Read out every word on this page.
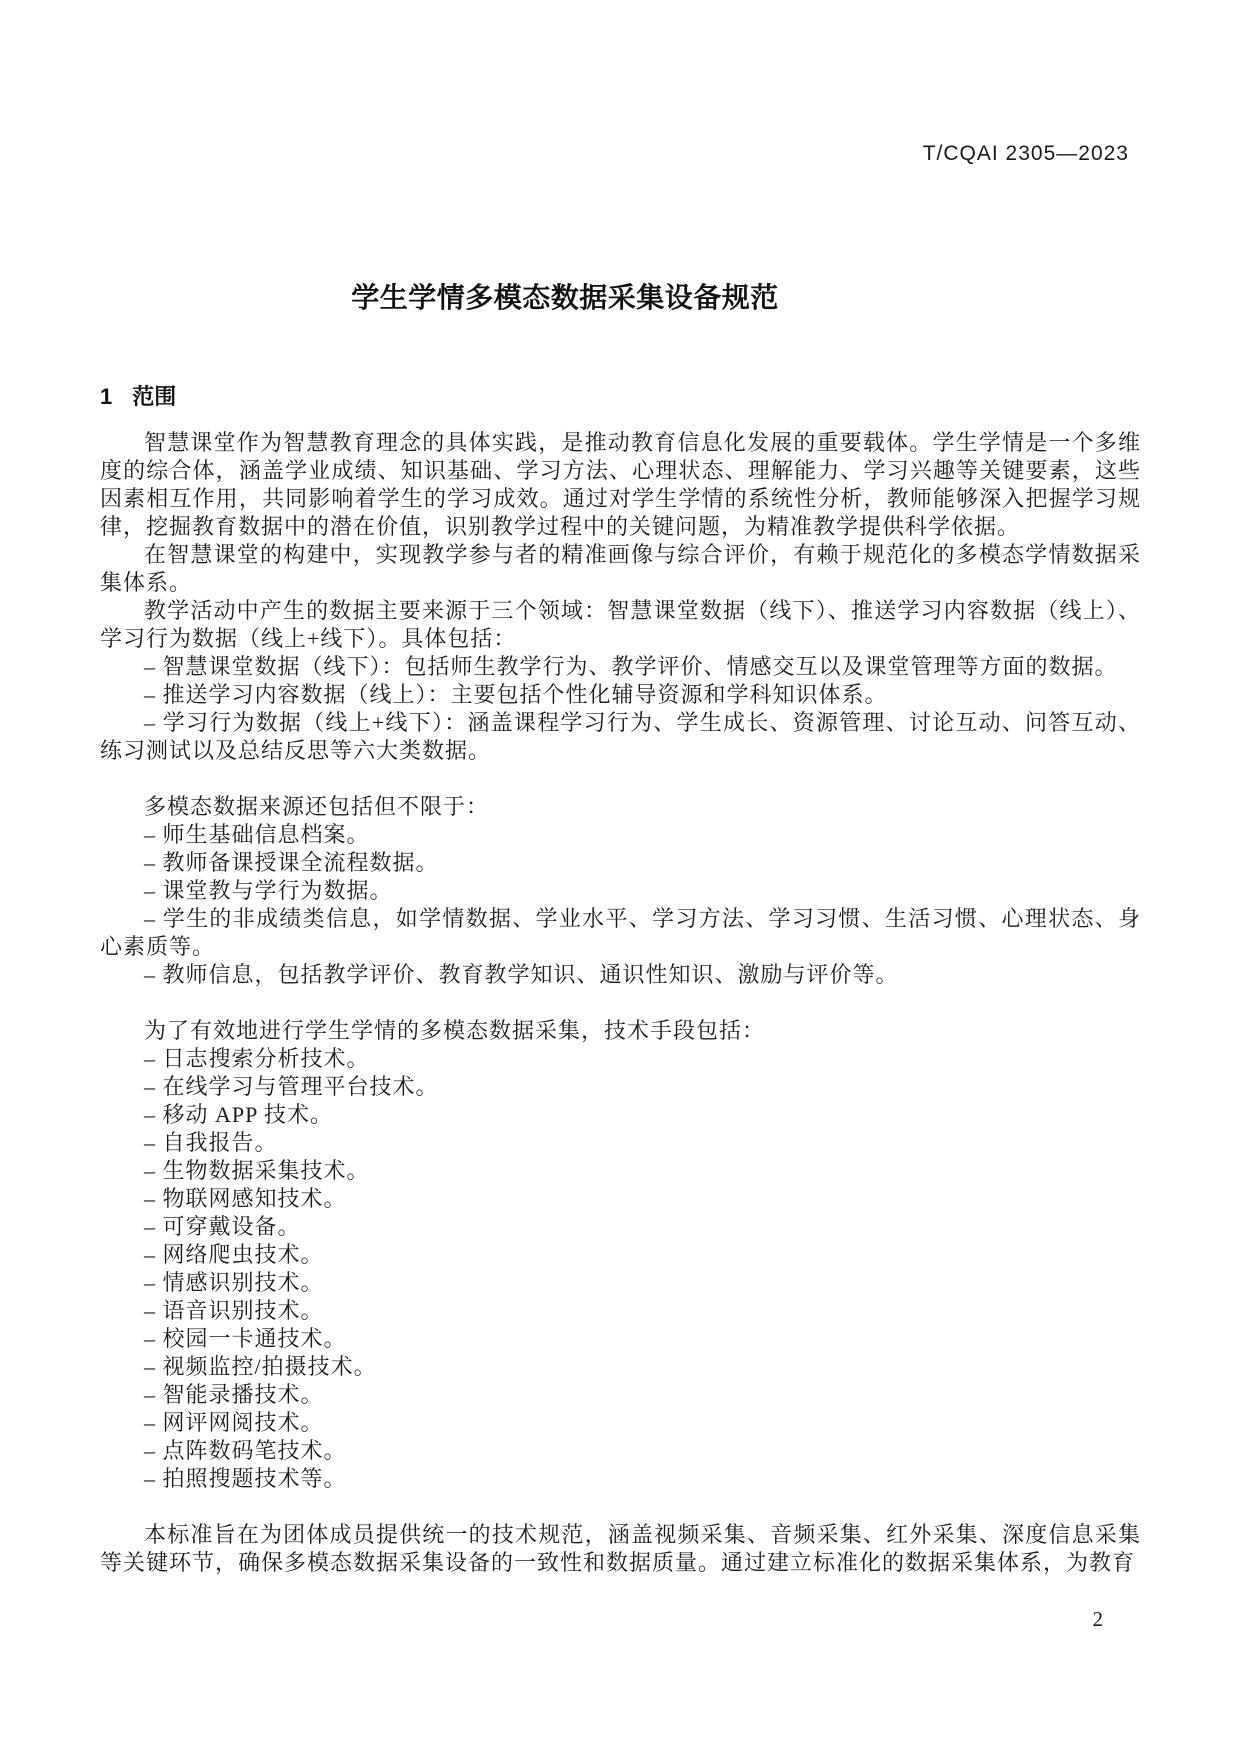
T/CQAI 2305—2023
学生学情多模态数据采集设备规范
1 范围

智慧课堂作为智慧教育理念的具体实践，是推动教育信息化发展的重要载体。学生学情是一个多维度的综合体，涵盖学业成绩、知识基础、学习方法、心理状态、理解能力、学习兴趣等关键要素，这些因素相互作用，共同影响着学生的学习成效。通过对学生学情的系统性分析，教师能够深入把握学习规律，挖掘教育数据中的潜在价值，识别教学过程中的关键问题，为精准教学提供科学依据。

在智慧课堂的构建中，实现教学参与者的精准画像与综合评价，有赖于规范化的多模态学情数据采集体系。

教学活动中产生的数据主要来源于三个领域：智慧课堂数据（线下）、推送学习内容数据（线上）、学习行为数据（线上+线下）。具体包括：

– 智慧课堂数据（线下）：包括师生教学行为、教学评价、情感交互以及课堂管理等方面的数据。

– 推送学习内容数据（线上）：主要包括个性化辅导资源和学科知识体系。

– 学习行为数据（线上+线下）：涵盖课程学习行为、学生成长、资源管理、讨论互动、问答互动、练习测试以及总结反思等六大类数据。

多模态数据来源还包括但不限于：

– 师生基础信息档案。

– 教师备课授课全流程数据。

– 课堂教与学行为数据。

– 学生的非成绩类信息，如学情数据、学业水平、学习方法、学习习惯、生活习惯、心理状态、身心素质等。

– 教师信息，包括教学评价、教育教学知识、通识性知识、激励与评价等。

为了有效地进行学生学情的多模态数据采集，技术手段包括：

– 日志搜索分析技术。

– 在线学习与管理平台技术。

– 移动 APP 技术。

– 自我报告。

– 生物数据采集技术。

– 物联网感知技术。

– 可穿戴设备。

– 网络爬虫技术。

– 情感识别技术。

– 语音识别技术。

– 校园一卡通技术。

– 视频监控/拍摄技术。

– 智能录播技术。

– 网评网阅技术。

– 点阵数码笔技术。

– 拍照搜题技术等。

本标准旨在为团体成员提供统一的技术规范，涵盖视频采集、音频采集、红外采集、深度信息采集等关键环节，确保多模态数据采集设备的一致性和数据质量。通过建立标准化的数据采集体系，为教育

2
